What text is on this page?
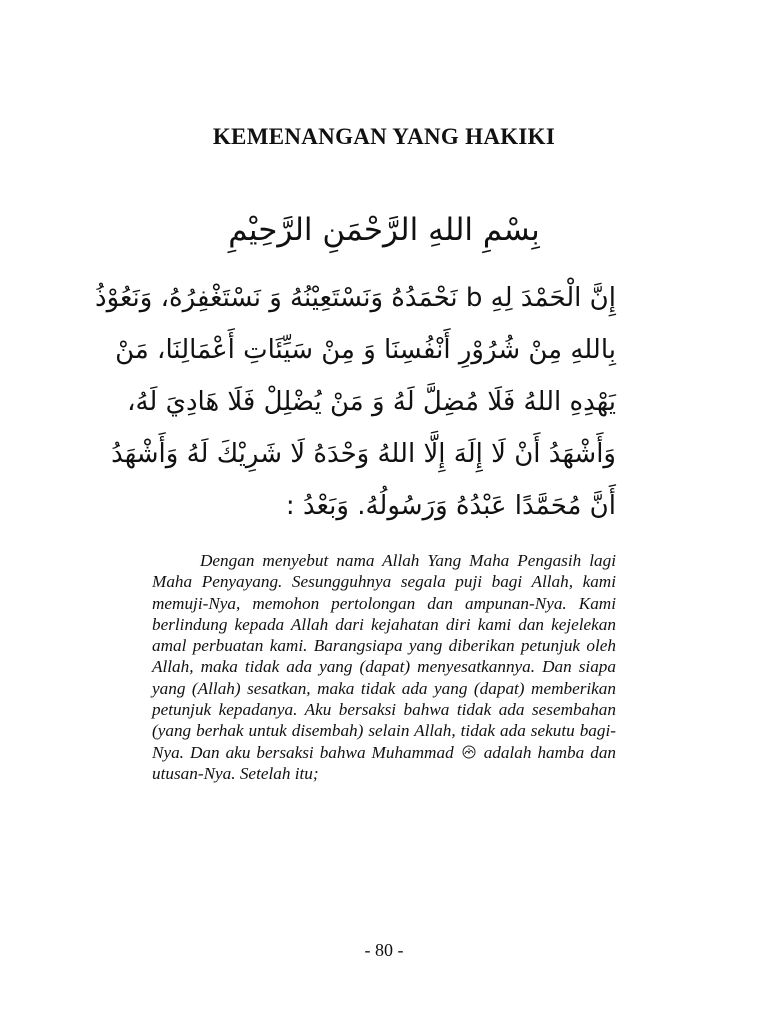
KEMENANGAN YANG HAKIKI
بِسْمِ اللهِ الرَّحْمَنِ الرَّحِيْمِ
إِنَّ الْحَمْدَ لِهِ b نَحْمَدُهُ وَنَسْتَعِيْنُهُ وَ نَسْتَغْفِرُهُ، وَنَعُوْذُ
بِاللهِ مِنْ شُرُوْرِ أَنْفُسِنَا وَ مِنْ سَيِّئَاتِ أَعْمَالِنَا، مَنْ
يَهْدِهِ اللهُ فَلَا مُضِلَّ لَهُ وَ مَنْ يُضْلِلْ فَلَا هَادِيَ لَهُ،
وَأَشْهَدُ أَنْ لَا إِلَهَ إِلَّا اللهُ وَحْدَهُ لَا شَرِيْكَ لَهُ وَأَشْهَدُ
أَنَّ مُحَمَّدًا عَبْدُهُ وَرَسُولُهُ. وَبَعْدُ :
Dengan menyebut nama Allah Yang Maha Pengasih lagi Maha Penyayang. Sesungguhnya segala puji bagi Allah, kami memuji-Nya, memohon pertolongan dan ampunan-Nya. Kami berlindung kepada Allah dari kejahatan diri kami dan kejelekan amal perbuatan kami. Barangsiapa yang diberikan petunjuk oleh Allah, maka tidak ada yang (dapat) menyesatkannya. Dan siapa yang (Allah) sesatkan, maka tidak ada yang (dapat) memberikan petunjuk kepadanya. Aku bersaksi bahwa tidak ada sesembahan (yang berhak untuk disembah) selain Allah, tidak ada sekutu bagi-Nya. Dan aku bersaksi bahwa Muhammad adalah hamba dan utusan-Nya. Setelah itu;
- 80 -
